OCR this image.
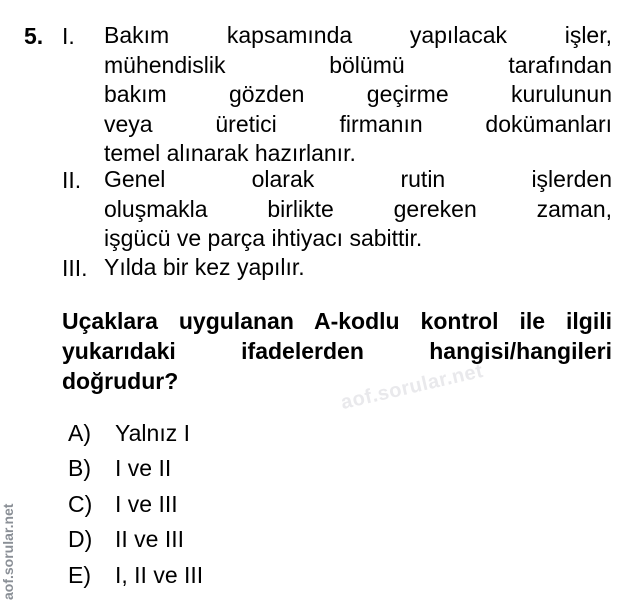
5. I. Bakım kapsamında yapılacak işler,
mühendislik bölümü tarafından
bakım gözden geçirme kurulunun
veya üretici firmanın dokümanları
temel alınarak hazırlanır.
II. Genel olarak rutin işlerden
oluşmakla birlikte gereken zaman,
işgücü ve parça ihtiyacı sabittir.
III. Yılda bir kez yapılır.
Uçaklara uygulanan A-kodlu kontrol ile ilgili
yukarıdaki ifadelerden hangisi/hangileri
doğrudur?	aof.sorular.net
A)	Yalnız I
B)	I ve II
C) I ve III
D) II ve III
E)	I, II ve III
aof.sorular.net
